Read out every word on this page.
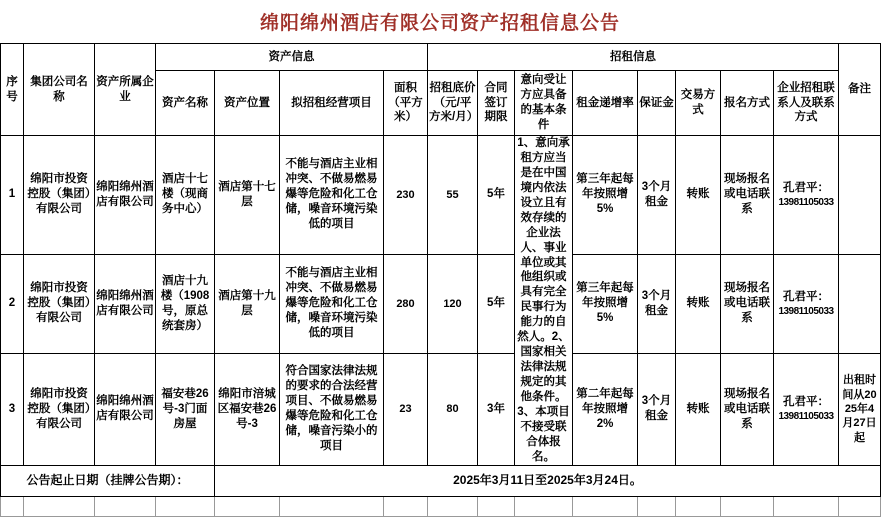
绵阳绵州酒店有限公司资产招租信息公告
序号	集团公司名称	资产所属企业	资产信息				招租信息								备注
			资产名称	资产位置	拟招租经营项目	面积（平方米）	招租底价（元/平方米/月）	合同签订期限	意向受让方应具备的基本条件	租金递增率	保证金	交易方式	报名方式	企业招租联系人及联系方式	
1	绵阳市投资控股（集团）有限公司	绵阳绵州酒店有限公司	酒店十七楼（现商务中心）	酒店第十七层	不能与酒店主业相冲突、不做易燃易爆等危险和化工仓储，噪音环境污染低的项目	230	55	5年	1、意向承租方应当是在中国境内依法设立且有效存续的企业法人、事业单位或其他组织或具有完全民事行为能力的自然人。2、国家相关法律法规规定的其他条件。3、本项目不接受联合体报名。	第三年起每年按照增5%	3个月租金	转账	现场报名或电话联系	孔君平：
13981105033	

2	绵阳市投资控股（集团）有限公司	绵阳绵州酒店有限公司	酒店十九楼（1908号，原总统套房）	酒店第十九层	不能与酒店主业相冲突、不做易燃易爆等危险和化工仓储，噪音环境污染低的项目	280	120	5年		第三年起每年按照增5%	3个月租金	转账	现场报名或电话联系	孔君平：
13981105033	

3	绵阳市投资控股（集团）有限公司	绵阳绵州酒店有限公司	福安巷26号-3门面房屋	绵阳市涪城区福安巷26号-3	符合国家法律法规的要求的合法经营项目、不做易燃易爆等危险和化工仓储，噪音污染小的项目	23	80	3年		第二年起每年按照增2%	3个月租金	转账	现场报名或电话联系	孔君平：
13981105033	出租时间从2025年4月27日起
公告起止日期（挂牌公告期）：				2025年3月11日至2025年3月24日。											
